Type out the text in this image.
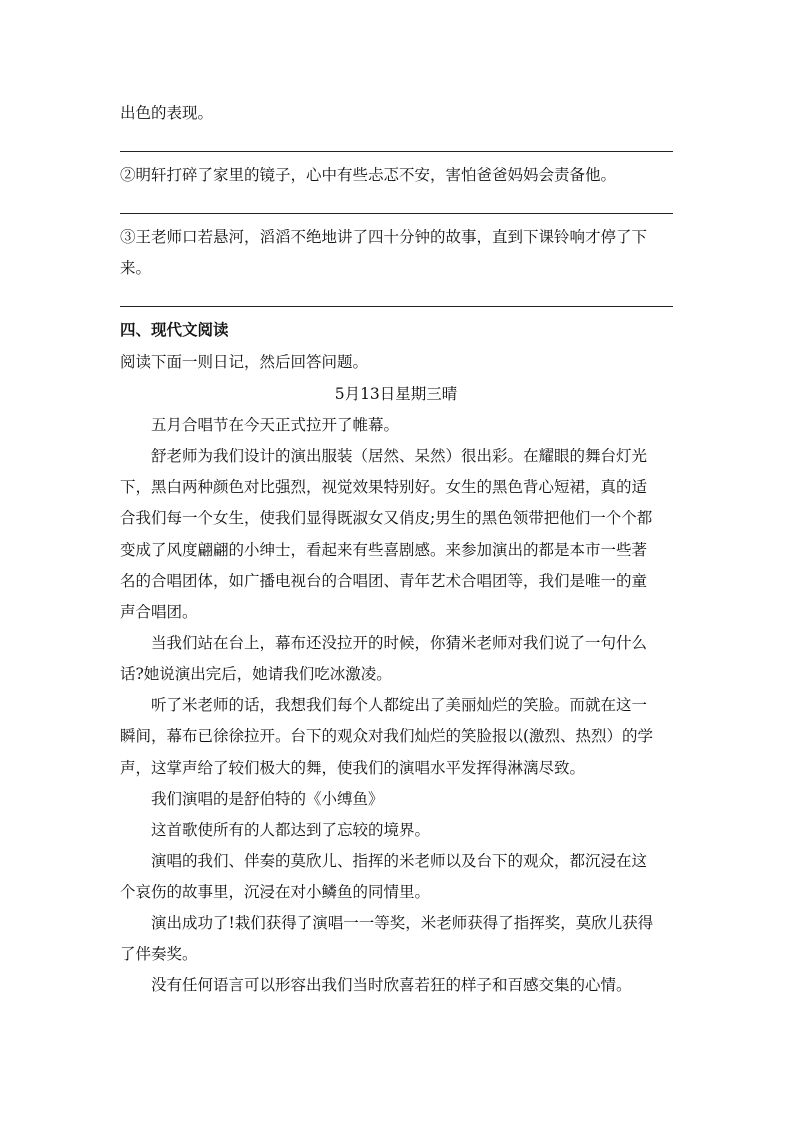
出色的表现。
②明轩打碎了家里的镜子，心中有些忐忑不安，害怕爸爸妈妈会责备他。
③王老师口若悬河，滔滔不绝地讲了四十分钟的故事，直到下课铃响才停了下
来。
四、现代文阅读
阅读下面一则日记，然后回答问题。
5月13日星期三晴
五月合唱节在今天正式拉开了帷幕。
舒老师为我们设计的演出服装（居然、呆然）很出彩。在耀眼的舞台灯光
下，黑白两种颜色对比强烈，视觉效果特别好。女生的黑色背心短裙，真的适
合我们每一个女生，使我们显得既淑女又俏皮;男生的黑色领带把他们一个个都
变成了风度翩翩的小绅士，看起来有些喜剧感。来参加演出的都是本市一些著
名的合唱团体，如广播电视台的合唱团、青年艺术合唱团等，我们是唯一的童
声合唱团。
当我们站在台上，幕布还没拉开的时候，你猜米老师对我们说了一句什么
话?她说演出完后，她请我们吃冰激凌。
听了米老师的话，我想我们每个人都绽出了美丽灿烂的笑脸。而就在这一
瞬间，幕布已徐徐拉开。台下的观众对我们灿烂的笑脸报以(激烈、热烈）的学
声，这掌声给了较们极大的舞，使我们的演唱水平发挥得淋漓尽致。
我们演唱的是舒伯特的《小缚鱼》
这首歌使所有的人都达到了忘较的境界。
演唱的我们、伴奏的莫欣儿、指挥的米老师以及台下的观众，都沉浸在这
个哀伤的故事里，沉浸在对小鳞鱼的同情里。
演出成功了!栽们获得了演唱一一等奖，米老师获得了指挥奖，莫欣儿获得
了伴奏奖。
没有任何语言可以形容出我们当时欣喜若狂的样子和百感交集的心情。
